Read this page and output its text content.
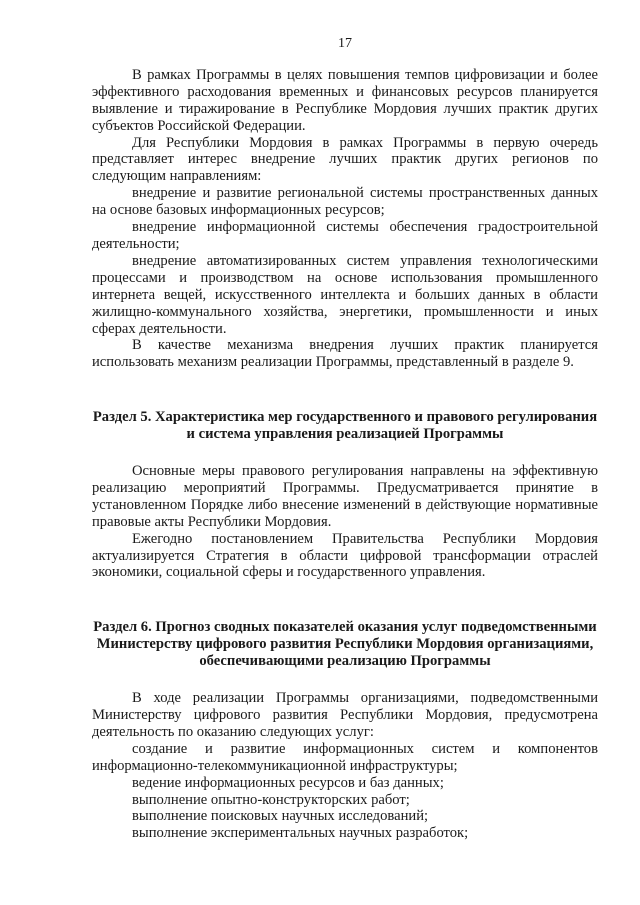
17

В рамках Программы в целях повышения темпов цифровизации и более эффективного расходования временных и финансовых ресурсов планируется выявление и тиражирование в Республике Мордовия лучших практик других субъектов Российской Федерации.

Для Республики Мордовия в рамках Программы в первую очередь представляет интерес внедрение лучших практик других регионов по следующим направлениям:

внедрение и развитие региональной системы пространственных данных на основе базовых информационных ресурсов;

внедрение информационной системы обеспечения градостроительной деятельности;

внедрение автоматизированных систем управления технологическими процессами и производством на основе использования промышленного интернета вещей, искусственного интеллекта и больших данных в области жилищно-коммунального хозяйства, энергетики, промышленности и иных сферах деятельности.

В качестве механизма внедрения лучших практик планируется использовать механизм реализации Программы, представленный в разделе 9.

Раздел 5. Характеристика мер государственного и правового регулирования и система управления реализацией Программы

Основные меры правового регулирования направлены на эффективную реализацию мероприятий Программы. Предусматривается принятие в установленном Порядке либо внесение изменений в действующие нормативные правовые акты Республики Мордовия.

Ежегодно постановлением Правительства Республики Мордовия актуализируется Стратегия в области цифровой трансформации отраслей экономики, социальной сферы и государственного управления.

Раздел 6. Прогноз сводных показателей оказания услуг подведомственными Министерству цифрового развития Республики Мордовия организациями, обеспечивающими реализацию Программы

В ходе реализации Программы организациями, подведомственными Министерству цифрового развития Республики Мордовия, предусмотрена деятельность по оказанию следующих услуг:

создание и развитие информационных систем и компонентов информационно-телекоммуникационной инфраструктуры;

ведение информационных ресурсов и баз данных;

выполнение опытно-конструкторских работ;

выполнение поисковых научных исследований;

выполнение экспериментальных научных разработок;
